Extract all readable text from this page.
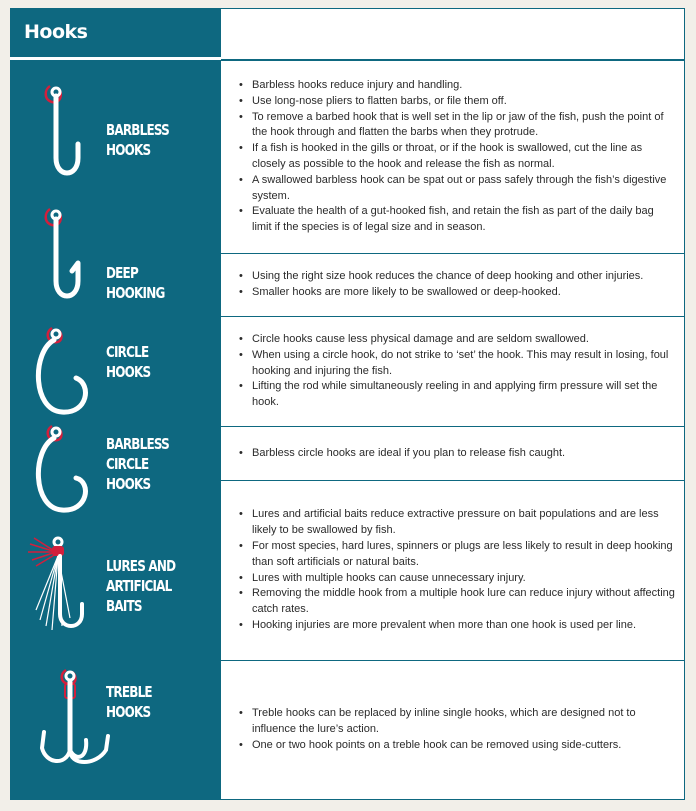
Hooks
BARBLESS
HOOKS
• Barbless hooks reduce injury and handling.
• Use long-nose pliers to flatten barbs, or file them off.
• To remove a barbed hook that is well set in the lip or jaw of the fish, push the point of the hook through and flatten the barbs when they protrude.
• If a fish is hooked in the gills or throat, or if the hook is swallowed, cut the line as closely as possible to the hook and release the fish as normal.
• A swallowed barbless hook can be spat out or pass safely through the fish’s digestive system.
• Evaluate the health of a gut-hooked fish, and retain the fish as part of the daily bag limit if the species is of legal size and in season.
DEEP
HOOKING
• Using the right size hook reduces the chance of deep hooking and other injuries.
• Smaller hooks are more likely to be swallowed or deep-hooked.
CIRCLE
HOOKS
• Circle hooks cause less physical damage and are seldom swallowed.
• When using a circle hook, do not strike to ‘set’ the hook. This may result in losing, foul hooking and injuring the fish.
• Lifting the rod while simultaneously reeling in and applying firm pressure will set the hook.
BARBLESS
CIRCLE
HOOKS
• Barbless circle hooks are ideal if you plan to release fish caught.
LURES AND
ARTIFICIAL
BAITS
• Lures and artificial baits reduce extractive pressure on bait populations and are less likely to be swallowed by fish.
• For most species, hard lures, spinners or plugs are less likely to result in deep hooking than soft artificials or natural baits.
• Lures with multiple hooks can cause unnecessary injury.
• Removing the middle hook from a multiple hook lure can reduce injury without affecting catch rates.
• Hooking injuries are more prevalent when more than one hook is used per line.
TREBLE
HOOKS
•	Treble hooks can be replaced by inline single hooks, which are designed not to influence the lure’s action.
• One or two hook points on a treble hook can be removed using side-cutters.
